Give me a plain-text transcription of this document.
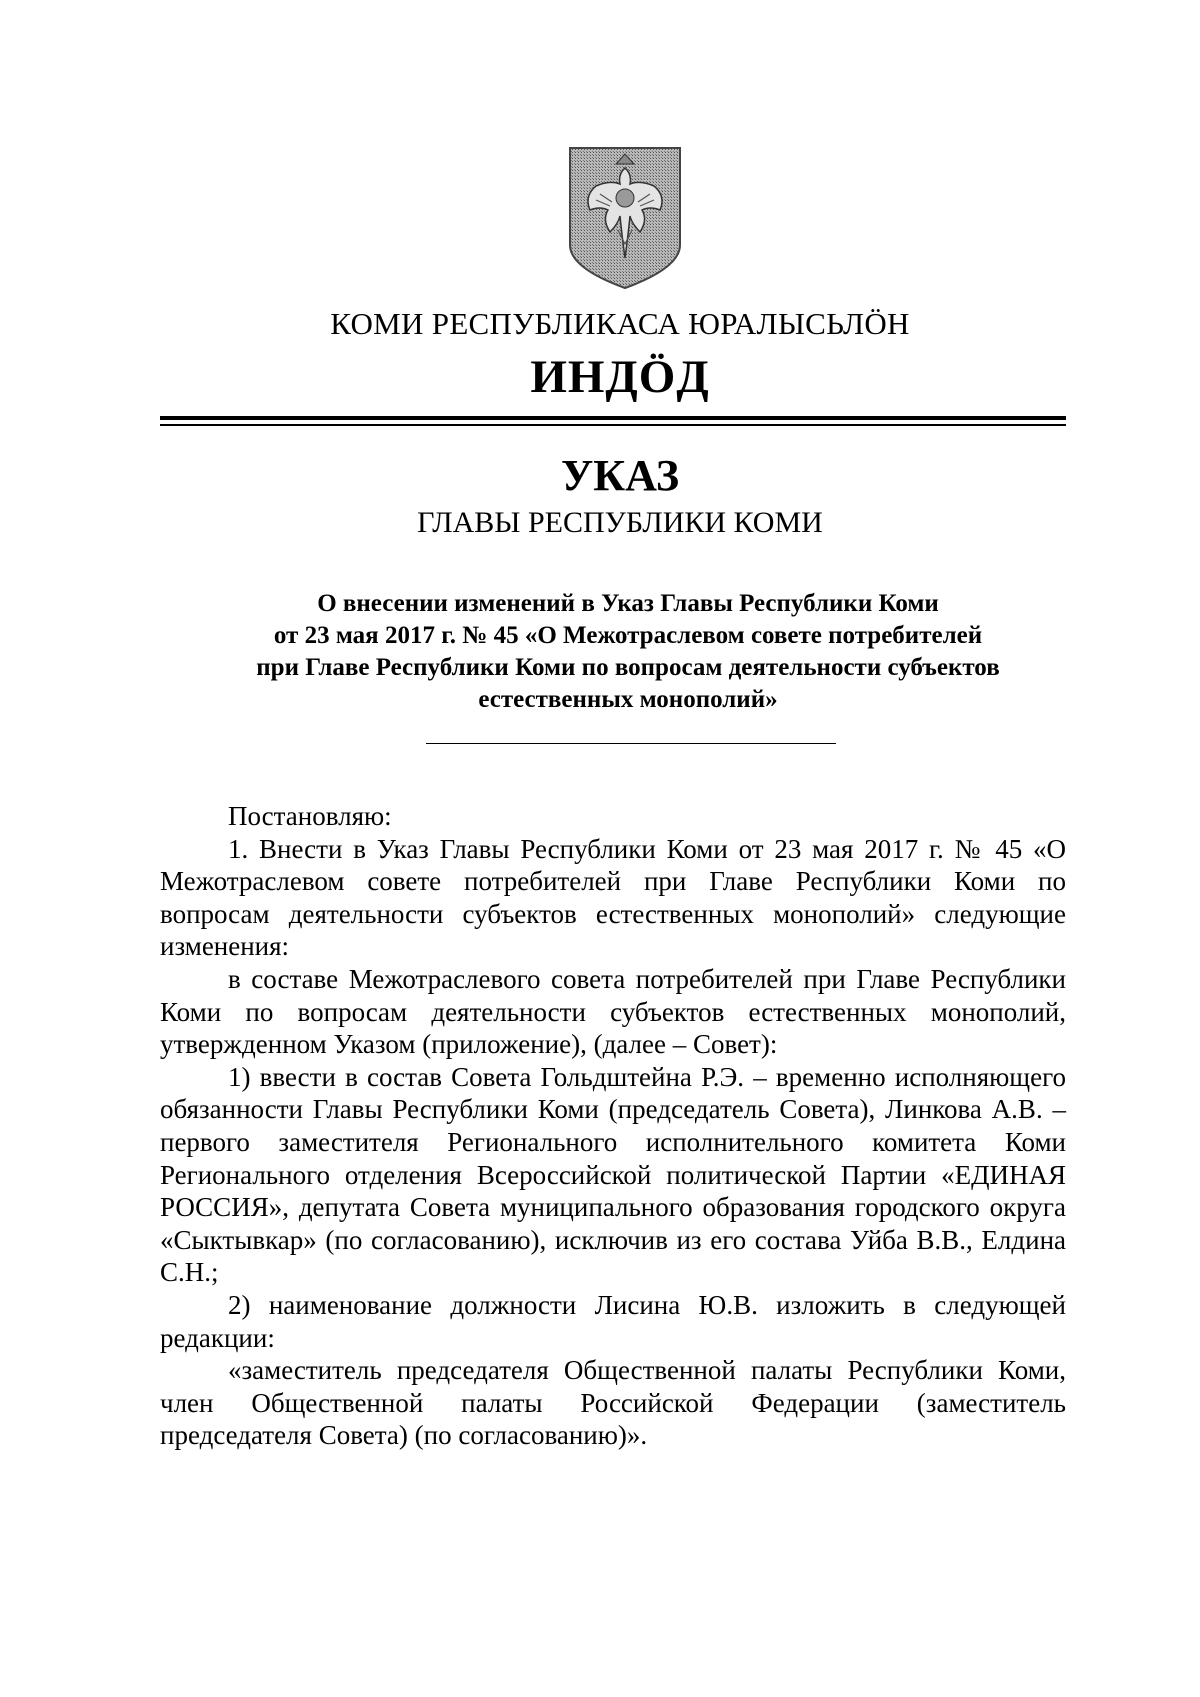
КОМИ РЕСПУБЛИКАСА ЮРАЛЫСЬЛÖН
ИНДÖД
УКАЗ
ГЛАВЫ РЕСПУБЛИКИ КОМИ
О внесении изменений в Указ Главы Республики Коми
от 23 мая 2017 г. № 45 «О Межотраслевом совете потребителей
при Главе Республики Коми по вопросам деятельности субъектов
естественных монополий»

Постановляю:

1. Внести в Указ Главы Республики Коми от 23 мая 2017 г. № 45 «О Межотраслевом совете потребителей при Главе Республики Коми по вопросам деятельности субъектов естественных монополий» следующие изменения:

в составе Межотраслевого совета потребителей при Главе Республики Коми по вопросам деятельности субъектов естественных монополий, утвержденном Указом (приложение), (далее – Совет):

1) ввести в состав Совета Гольдштейна Р.Э. – временно исполняющего обязанности Главы Республики Коми (председатель Совета), Линкова А.В. – первого заместителя Регионального исполнительного комитета Коми Регионального отделения Всероссийской политической Партии «ЕДИНАЯ РОССИЯ», депутата Совета муниципального образования городского округа «Сыктывкар» (по согласованию), исключив из его состава Уйба В.В., Елдина С.Н.;

2) наименование должности Лисина Ю.В. изложить в следующей редакции:

«заместитель председателя Общественной палаты Республики Коми, член Общественной палаты Российской Федерации (заместитель председателя Совета) (по согласованию)».
